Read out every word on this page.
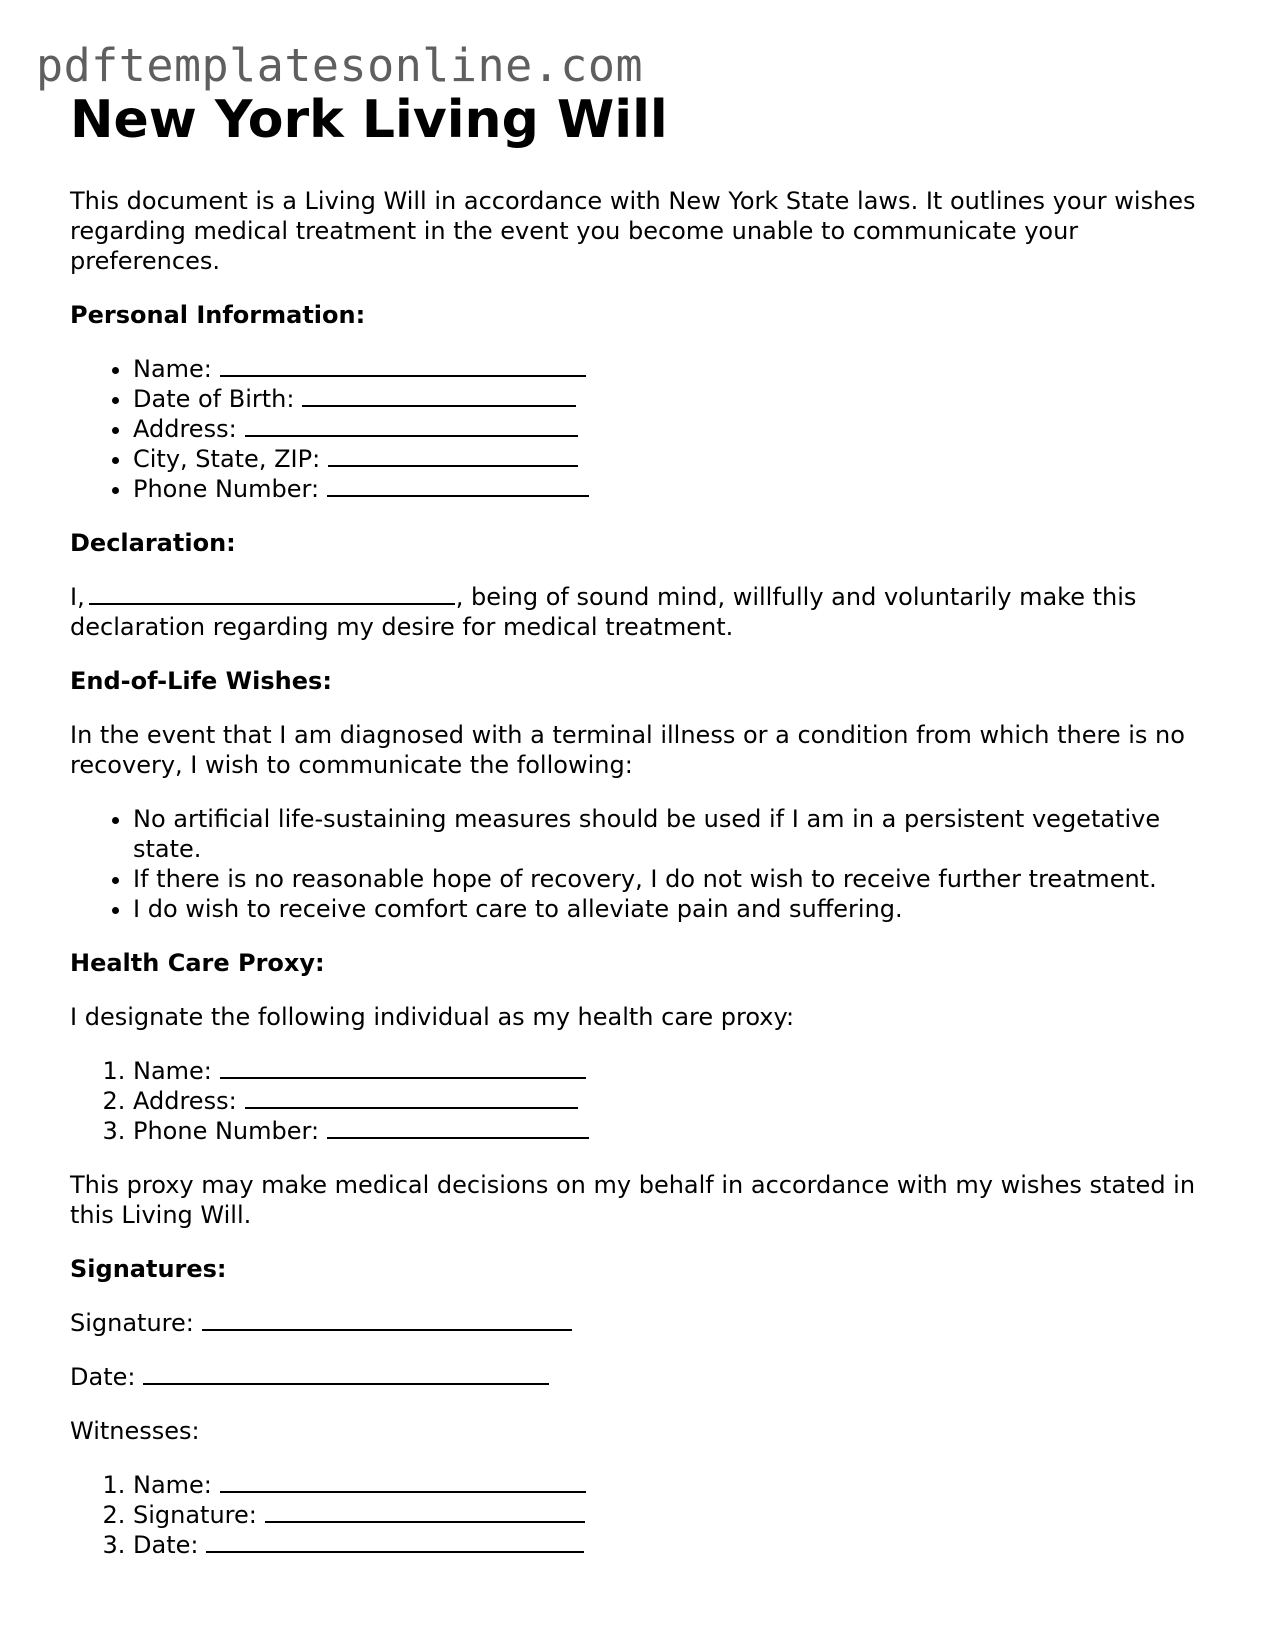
pdftemplatesonline.com
New York Living Will

This document is a Living Will in accordance with New York State laws. It outlines your wishes regarding medical treatment in the event you become unable to communicate your preferences.

Personal Information:
• Name:
• Date of Birth:
• Address:
• City, State, ZIP:
• Phone Number:
Declaration:

I,	, being of sound mind, willfully and voluntarily make this declaration regarding my desire for medical treatment.

End-of-Life Wishes:

In the event that I am diagnosed with a terminal illness or a condition from which there is no recovery, I wish to communicate the following:

• No artificial life-sustaining measures should be used if I am in a persistent vegetative state.
• If there is no reasonable hope of recovery, I do not wish to receive further treatment.
• I do wish to receive comfort care to alleviate pain and suffering.
Health Care Proxy:

I designate the following individual as my health care proxy:

1. Name:
2. Address:
3. Phone Number:

This proxy may make medical decisions on my behalf in accordance with my wishes stated in this Living Will.

Signatures:

Signature:

Date:

Witnesses:

1. Name:
2. Signature:
3. Date:
